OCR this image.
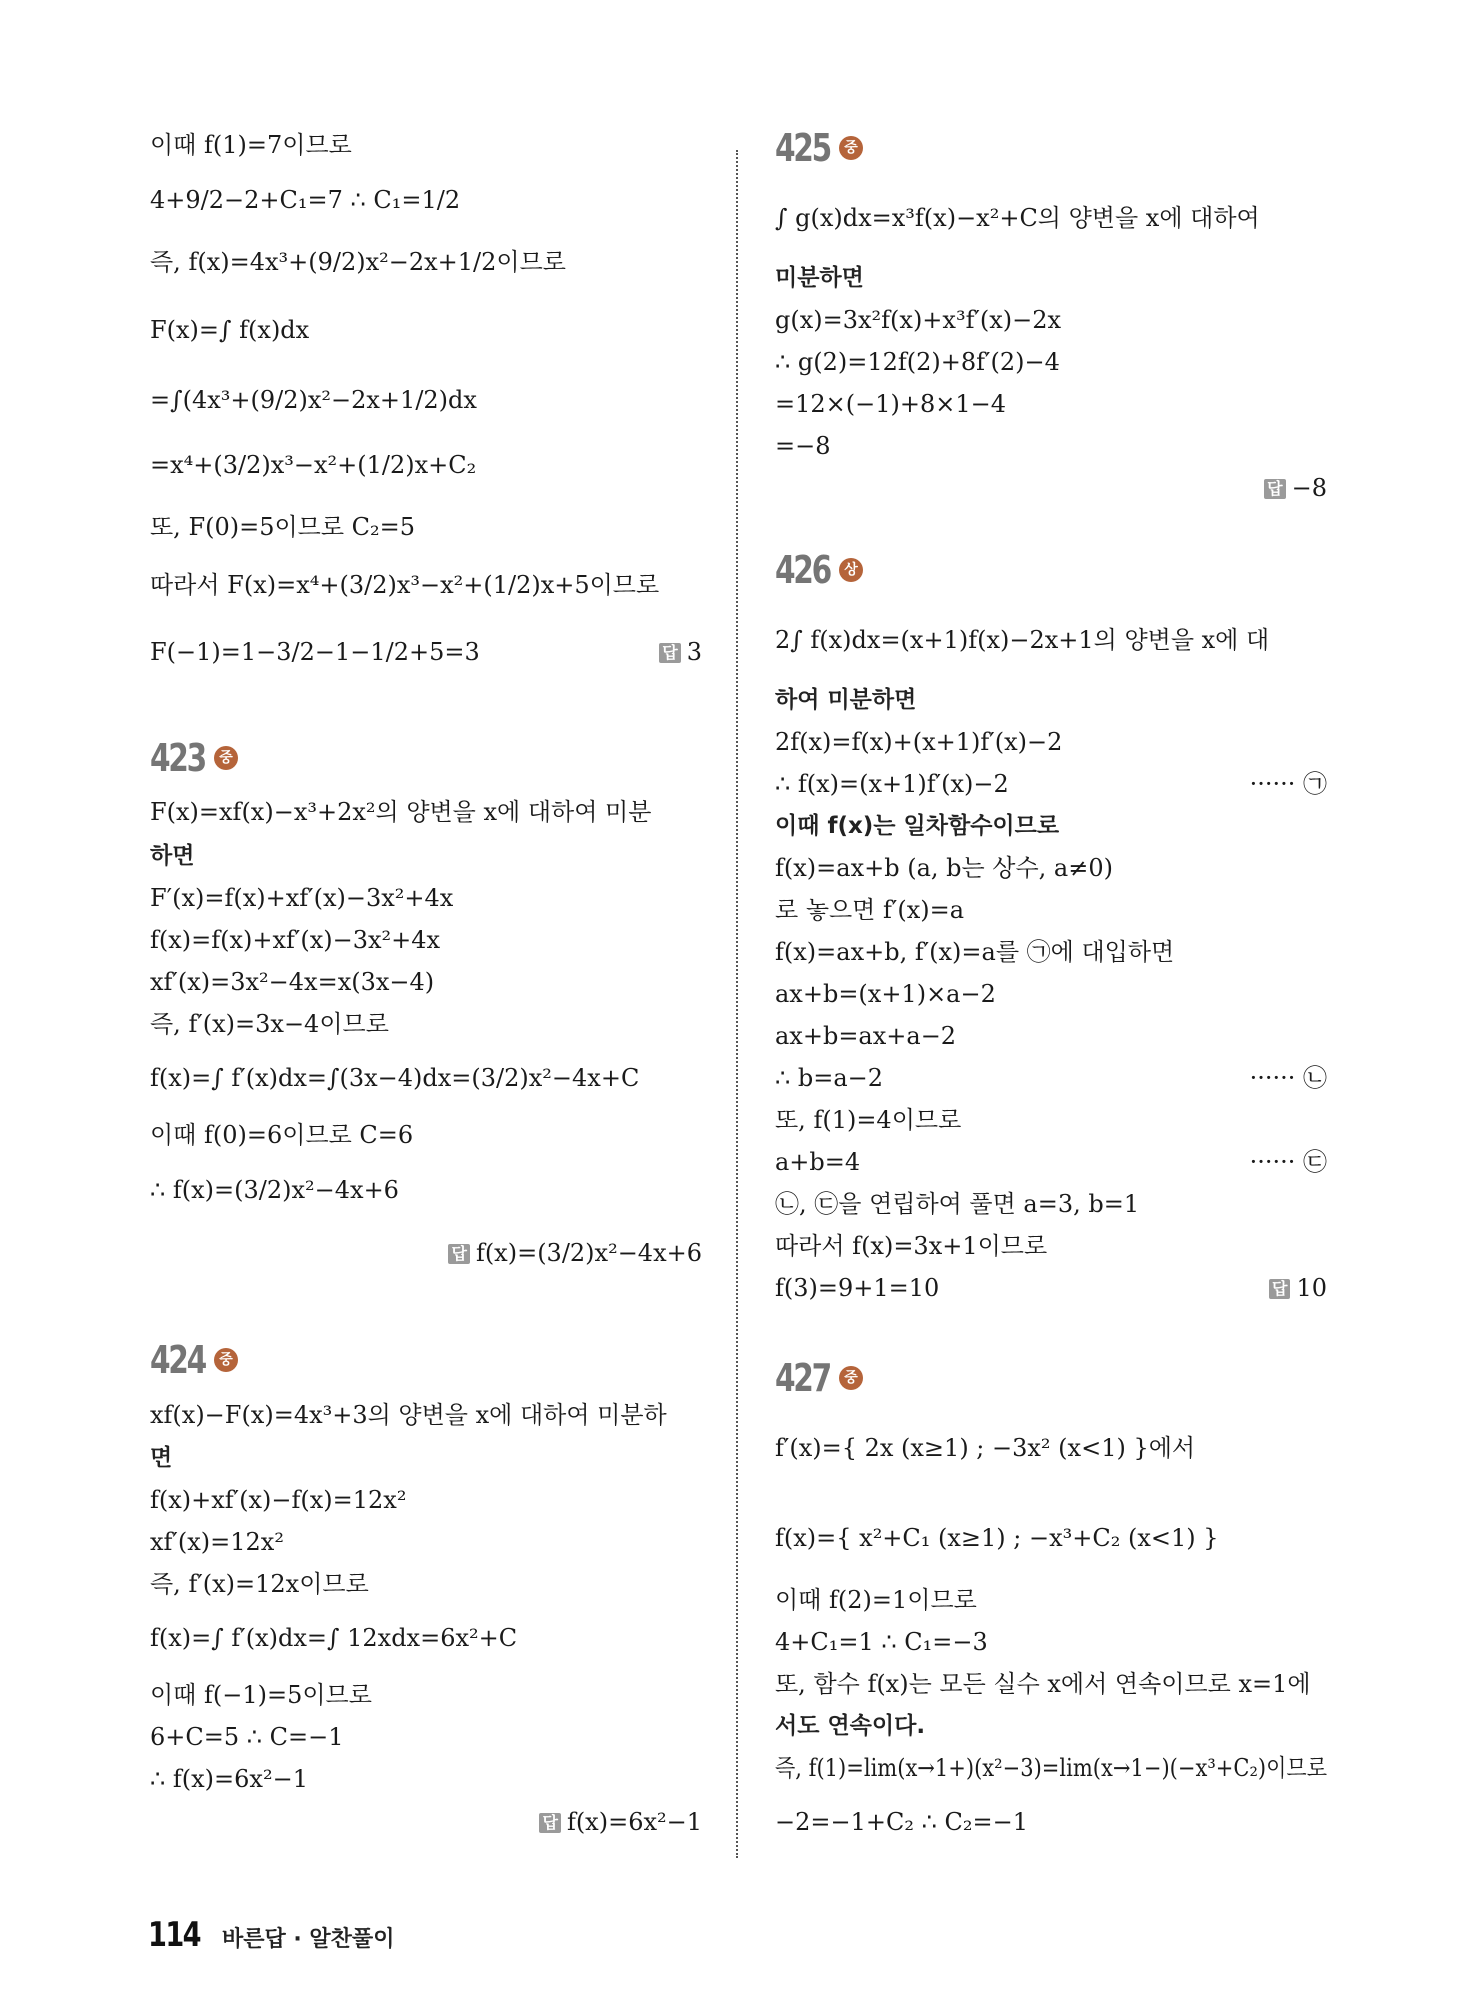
이때 f(1)=7이므로
4+9/2−2+C₁=7 ∴ C₁=1/2
즉, f(x)=4x³+(9/2)x²−2x+1/2이므로
F(x)=∫ f(x)dx
=∫(4x³+(9/2)x²−2x+1/2)dx
=x⁴+(3/2)x³−x²+(1/2)x+C₂
또, F(0)=5이므로 C₂=5
따라서 F(x)=x⁴+(3/2)x³−x²+(1/2)x+5이므로
F(−1)=1−3/2−1−1/2+5=3	답 3
423	중
F(x)=xf(x)−x³+2x²의 양변을 x에 대하여 미분
하면
F′(x)=f(x)+xf′(x)−3x²+4x
f(x)=f(x)+xf′(x)−3x²+4x
xf′(x)=3x²−4x=x(3x−4)
즉, f′(x)=3x−4이므로
f(x)=∫ f′(x)dx=∫(3x−4)dx=(3/2)x²−4x+C
이때 f(0)=6이므로 C=6
∴ f(x)=(3/2)x²−4x+6
답 f(x)=(3/2)x²−4x+6
424	중
xf(x)−F(x)=4x³+3의 양변을 x에 대하여 미분하
면
f(x)+xf′(x)−f(x)=12x²
xf′(x)=12x²
즉, f′(x)=12x이므로
f(x)=∫ f′(x)dx=∫ 12xdx=6x²+C
이때 f(−1)=5이므로
6+C=5 ∴ C=−1
∴ f(x)=6x²−1
답 f(x)=6x²−1
425	중
∫ g(x)dx=x³f(x)−x²+C의 양변을 x에 대하여
미분하면
g(x)=3x²f(x)+x³f′(x)−2x
∴ g(2)=12f(2)+8f′(2)−4
=12×(−1)+8×1−4
=−8
답 −8
426	상
2∫ f(x)dx=(x+1)f(x)−2x+1의 양변을 x에 대
하여 미분하면
2f(x)=f(x)+(x+1)f′(x)−2
∴ f(x)=(x+1)f′(x)−2
이때 f(x)는 일차함수이므로
f(x)=ax+b (a, b는 상수, a≠0)
로 놓으면 f′(x)=a
f(x)=ax+b, f′(x)=a를 ㉠에 대입하면
ax+b=(x+1)×a−2
ax+b=ax+a−2
∴ b=a−2
또, f(1)=4이므로
a+b=4
㉡, ㉢을 연립하여 풀면 a=3, b=1
따라서 f(x)=3x+1이므로
f(3)=9+1=10
······ ㉠
······ ㉡
······ ㉢
답 10
427	중
f′(x)={ 2x (x≥1) ; −3x² (x<1) }에서
f(x)={ x²+C₁ (x≥1) ; −x³+C₂ (x<1) }
이때 f(2)=1이므로
4+C₁=1 ∴ C₁=−3
또, 함수 f(x)는 모든 실수 x에서 연속이므로 x=1에
서도 연속이다.
즉, f(1)=lim(x→1+)(x²−3)=lim(x→1−)(−x³+C₂)이므로
−2=−1+C₂ ∴ C₂=−1
114 바른답 · 알찬풀이
